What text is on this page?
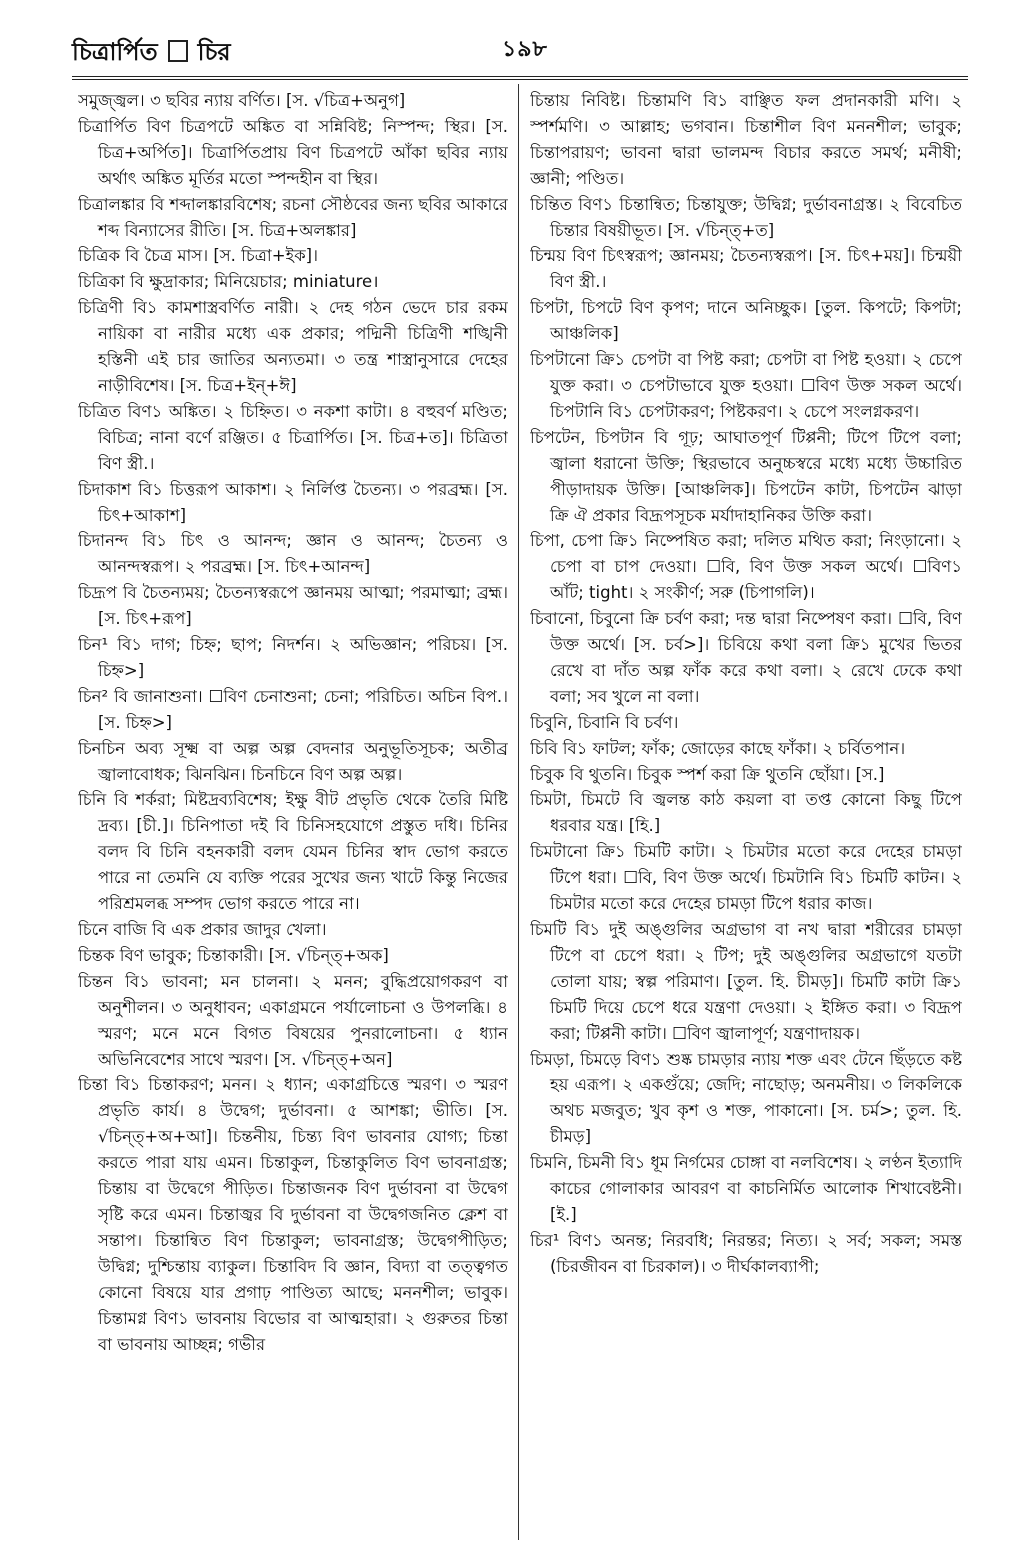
চিত্রার্পিত চির	১৯৮

সমুজ্জ্বল। ৩ ছবির ন্যায় বর্ণিত। [স. √চিত্র+অনুগ]

চিত্রার্পিত বিণ চিত্রপটে অঙ্কিত বা সন্নিবিষ্ট; নিস্পন্দ; স্থির। [স. চিত্র+অর্পিত]। চিত্রার্পিতপ্রায় বিণ চিত্রপটে আঁকা ছবির ন্যায় অর্থাৎ অঙ্কিত মূর্তির মতো স্পন্দহীন বা স্থির।

চিত্রালঙ্কার বি শব্দালঙ্কারবিশেষ; রচনা সৌষ্ঠবের জন্য ছবির আকারে শব্দ বিন্যাসের রীতি। [স. চিত্র+অলঙ্কার]

চিত্রিক বি চৈত্র মাস। [স. চিত্রা+ইক]।

চিত্রিকা বি ক্ষুদ্রাকার; মিনিয়েচার; miniature।

চিত্রিণী বি১ কামশাস্ত্রবর্ণিত নারী। ২ দেহ গঠন ভেদে চার রকম নায়িকা বা নারীর মধ্যে এক প্রকার; পদ্মিনী চিত্রিণী শঙ্খিনী হস্তিনী এই চার জাতির অন্যতমা। ৩ তন্ত্র শাস্ত্রানুসারে দেহের নাড়ীবিশেষ। [স. চিত্র+ইন্‌+ঈ]

চিত্রিত বিণ১ অঙ্কিত। ২ চিহ্নিত। ৩ নকশা কাটা। ৪ বহুবর্ণ মণ্ডিত; বিচিত্র; নানা বর্ণে রঞ্জিত। ৫ চিত্রার্পিত। [স. চিত্র+ত]। চিত্রিতা বিণ স্ত্রী.।

চিদাকাশ বি১ চিত্তরূপ আকাশ। ২ নির্লিপ্ত চৈতন্য। ৩ পরব্রহ্ম। [স. চিৎ+আকাশ]

চিদানন্দ বি১ চিৎ ও আনন্দ; জ্ঞান ও আনন্দ; চৈতন্য ও আনন্দস্বরূপ। ২ পরব্রহ্ম। [স. চিৎ+আনন্দ]

চিদ্রূপ বি চৈতন্যময়; চৈতন্যস্বরূপে জ্ঞানময় আত্মা; পরমাত্মা; ব্রহ্ম। [স. চিৎ+রূপ]

চিন¹ বি১ দাগ; চিহ্ন; ছাপ; নিদর্শন। ২ অভিজ্ঞান; পরিচয়। [স. চিহ্ন>]

চিন² বি জানাশুনা। ☐বিণ চেনাশুনা; চেনা; পরিচিত। অচিন বিপ.। [স. চিহ্ন>]

চিনচিন অব্য সূক্ষ্ম বা অল্প অল্প বেদনার অনুভূতিসূচক; অতীব্র জ্বালাবোধক; ঝিনঝিন। চিনচিনে বিণ অল্প অল্প।

চিনি বি শর্করা; মিষ্টদ্রব্যবিশেষ; ইক্ষু বীট প্রভৃতি থেকে তৈরি মিষ্টি দ্রব্য। [চী.]। চিনিপাতা দই বি চিনিসহযোগে প্রস্তুত দধি। চিনির বলদ বি চিনি বহনকারী বলদ যেমন চিনির স্বাদ ভোগ করতে পারে না তেমনি যে ব্যক্তি পরের সুখের জন্য খাটে কিন্তু নিজের পরিশ্রমলব্ধ সম্পদ ভোগ করতে পারে না।

চিনে বাজি বি এক প্রকার জাদুর খেলা।

চিন্তক বিণ ভাবুক; চিন্তাকারী। [স. √চিন্ত্‌+অক]

চিন্তন বি১ ভাবনা; মন চালনা। ২ মনন; বুদ্ধিপ্রয়োগকরণ বা অনুশীলন। ৩ অনুধাবন; একাগ্রমনে পর্যালোচনা ও উপলব্ধি। ৪ স্মরণ; মনে মনে বিগত বিষয়ের পুনরালোচনা। ৫ ধ্যান অভিনিবেশের সাথে স্মরণ। [স. √চিন্ত্‌+অন]

চিন্তা বি১ চিন্তাকরণ; মনন। ২ ধ্যান; একাগ্রচিত্তে স্মরণ। ৩ স্মরণ প্রভৃতি কার্য। ৪ উদ্বেগ; দুর্ভাবনা। ৫ আশঙ্কা; ভীতি। [স. √চিন্ত্‌+অ+আ]। চিন্তনীয়, চিন্ত্য বিণ ভাবনার যোগ্য; চিন্তা করতে পারা যায় এমন। চিন্তাকুল, চিন্তাকুলিত বিণ ভাবনাগ্রস্ত; চিন্তায় বা উদ্বেগে পীড়িত। চিন্তাজনক বিণ দুর্ভাবনা বা উদ্বেগ সৃষ্টি করে এমন। চিন্তাজ্বর বি দুর্ভাবনা বা উদ্বেগজনিত ক্লেশ বা সন্তাপ। চিন্তান্বিত বিণ চিন্তাকুল; ভাবনাগ্রস্ত; উদ্বেগপীড়িত; উদ্বিগ্ন; দুশ্চিন্তায় ব্যাকুল। চিন্তাবিদ বি জ্ঞান, বিদ্যা বা তত্ত্বগত কোনো বিষয়ে যার প্রগাঢ় পাণ্ডিত্য আছে; মননশীল; ভাবুক। চিন্তামগ্ন বিণ১ ভাবনায় বিভোর বা আত্মহারা। ২ গুরুতর চিন্তা বা ভাবনায় আচ্ছন্ন; গভীর

চিন্তায় নিবিষ্ট। চিন্তামণি বি১ বাঞ্ছিত ফল প্রদানকারী মণি। ২ স্পর্শমণি। ৩ আল্লাহ; ভগবান। চিন্তাশীল বিণ মননশীল; ভাবুক; চিন্তাপরায়ণ; ভাবনা দ্বারা ভালমন্দ বিচার করতে সমর্থ; মনীষী; জ্ঞানী; পণ্ডিত।

চিন্তিত বিণ১ চিন্তান্বিত; চিন্তাযুক্ত; উদ্বিগ্ন; দুর্ভাবনাগ্রস্ত। ২ বিবেচিত চিন্তার বিষয়ীভূত। [স. √চিন্ত্‌+ত]

চিন্ময় বিণ চিৎস্বরূপ; জ্ঞানময়; চৈতন্যস্বরূপ। [স. চিৎ+ময়]। চিন্ময়ী বিণ স্ত্রী.।

চিপটা, চিপটে বিণ কৃপণ; দানে অনিচ্ছুক। [তুল. কিপটে; কিপটা; আঞ্চলিক]

চিপটানো ক্রি১ চেপটা বা পিষ্ট করা; চেপটা বা পিষ্ট হওয়া। ২ চেপে যুক্ত করা। ৩ চেপটাভাবে যুক্ত হওয়া। ☐বিণ উক্ত সকল অর্থে। চিপটানি বি১ চেপটাকরণ; পিষ্টকরণ। ২ চেপে সংলগ্নকরণ।

চিপটেন, চিপটান বি গূঢ়; আঘাতপূর্ণ টিপ্পনী; টিপে টিপে বলা; জ্বালা ধরানো উক্তি; স্থিরভাবে অনুচ্চস্বরে মধ্যে মধ্যে উচ্চারিত পীড়াদায়ক উক্তি। [আঞ্চলিক]। চিপটেন কাটা, চিপটেন ঝাড়া ক্রি ঐ প্রকার বিদ্রূপসূচক মর্যাদাহানিকর উক্তি করা।

চিপা, চেপা ক্রি১ নিষ্পেষিত করা; দলিত মথিত করা; নিংড়ানো। ২ চেপা বা চাপ দেওয়া। ☐বি, বিণ উক্ত সকল অর্থে। ☐বিণ১ আঁট; tight। ২ সংকীর্ণ; সরু (চিপাগলি)।

চিবানো, চিবুনো ক্রি চর্বণ করা; দন্ত দ্বারা নিষ্পেষণ করা। ☐বি, বিণ উক্ত অর্থে। [স. চর্ব>]। চিবিয়ে কথা বলা ক্রি১ মুখের ভিতর রেখে বা দাঁত অল্প ফাঁক করে কথা বলা। ২ রেখে ঢেকে কথা বলা; সব খুলে না বলা।

চিবুনি, চিবানি বি চর্বণ।

চিবি বি১ ফাটল; ফাঁক; জোড়ের কাছে ফাঁকা। ২ চর্বিতপান।

চিবুক বি থুতনি। চিবুক স্পর্শ করা ক্রি থুতনি ছোঁয়া। [স.]

চিমটা, চিমটে বি জ্বলন্ত কাঠ কয়লা বা তপ্ত কোনো কিছু টিপে ধরবার যন্ত্র। [হি.]

চিমটানো ক্রি১ চিমটি কাটা। ২ চিমটার মতো করে দেহের চামড়া টিপে ধরা। ☐বি, বিণ উক্ত অর্থে। চিমটানি বি১ চিমটি কাটন। ২ চিমটার মতো করে দেহের চামড়া টিপে ধরার কাজ।

চিমটি বি১ দুই অঙ্গুলির অগ্রভাগ বা নখ দ্বারা শরীরের চামড়া টিপে বা চেপে ধরা। ২ টিপ; দুই অঙ্গুলির অগ্রভাগে যতটা তোলা যায়; স্বল্প পরিমাণ। [তুল. হি. চীমড়]। চিমটি কাটা ক্রি১ চিমটি দিয়ে চেপে ধরে যন্ত্রণা দেওয়া। ২ ইঙ্গিত করা। ৩ বিদ্রূপ করা; টিপ্পনী কাটা। ☐বিণ জ্বালাপূর্ণ; যন্ত্রণাদায়ক।

চিমড়া, চিমড়ে বিণ১ শুষ্ক চামড়ার ন্যায় শক্ত এবং টেনে ছিঁড়তে কষ্ট হয় এরূপ। ২ একগুঁয়ে; জেদি; নাছোড়; অনমনীয়। ৩ লিকলিকে অথচ মজবুত; খুব কৃশ ও শক্ত, পাকানো। [স. চর্ম>; তুল. হি. চীমড়]

চিমনি, চিমনী বি১ ধূম নির্গমের চোঙ্গা বা নলবিশেষ। ২ লণ্ঠন ইত্যাদি কাচের গোলাকার আবরণ বা কাচনির্মিত আলোক শিখাবেষ্টনী। [ই.]

চির¹ বিণ১ অনন্ত; নিরবধি; নিরন্তর; নিত্য। ২ সর্ব; সকল; সমস্ত (চিরজীবন বা চিরকাল)। ৩ দীর্ঘকালব্যাপী;
